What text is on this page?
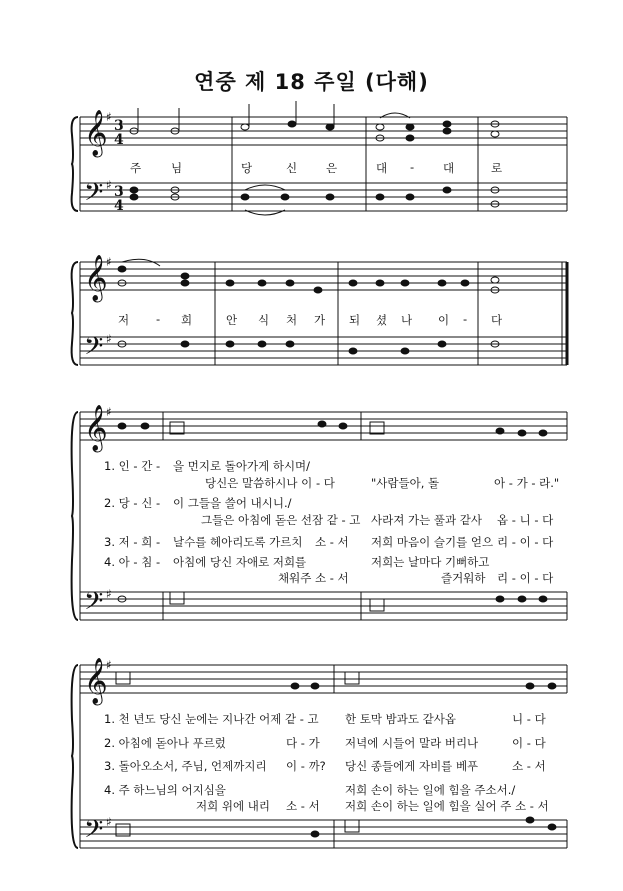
연중 제 18 주일 (다해)
𝄞
𝄢
𝄞
𝄢
𝄞
𝄢
𝄞
𝄢
♯
♯
♯
♯
♯
♯
♯
♯
3
4
3
4
주	님	당	신 은	대 - 대	로
저 - 희	안 식 처 가 되 셨 나 이 - 다
1. 인 - 간 - 을 먼지로 돌아가게 하시며/
당신은 말씀하시나 이 - 다	"사람들아, 돌	아 - 가 - 라."
2. 당 - 신 - 이 그들을 쓸어 내시니./
그들은 아침에 돋은 선잠 같 - 고 사라져 가는 풀과 같사 옵 - 니 - 다
3. 저 - 희 - 날수를 헤아리도록 가르치 소 - 서 저희 마음이 슬기를 얻으 리 - 이 - 다
4. 아 - 침 - 아침에 당신 자애로 저희를
채워주 소 - 서
저희는 날마다 기뻐하고
즐거워하 리 - 이 - 다
1. 천 년도 당신 눈에는 지나간 어제 같 - 고 한 토막 밤과도 같사옵	니 - 다
2. 아침에 돋아나 푸르렀	다 - 가 저녁에 시들어 말라 버리나	이 - 다
3. 돌아오소서, 주님, 언제까지리 이 - 까? 당신 종들에게 자비를 베푸	소 - 서
4. 주 하느님의 어지심을
저희 위에 내리 소 - 서
저희 손이 하는 일에 힘을 주소서./
저희 손이 하는 일에 힘을 실어 주 소 - 서
